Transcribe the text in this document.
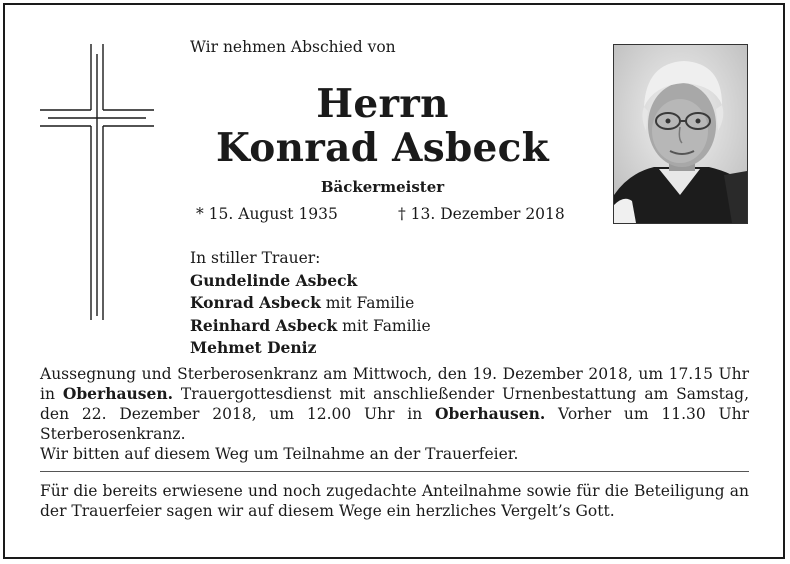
Wir nehmen Abschied von
Herrn
Konrad Asbeck
Bäckermeister
* 15. August 1935	† 13. Dezember 2018
In stiller Trauer:
Gundelinde Asbeck
Konrad Asbeck mit Familie
Reinhard Asbeck mit Familie
Mehmet Deniz

Aussegnung und Sterberosenkranz am Mittwoch, den 19. Dezember 2018, um 17.15 Uhr in Oberhausen. Trauergottesdienst mit anschließender Urnenbestattung am Samstag, den 22. Dezember 2018, um 12.00 Uhr in Oberhausen. Vorher um 11.30 Uhr Sterberosenkranz.

Wir bitten auf diesem Weg um Teilnahme an der Trauerfeier.

Für die bereits erwiesene und noch zugedachte Anteilnahme sowie für die Beteiligung an der Trauerfeier sagen wir auf diesem Wege ein herzliches Vergelt’s Gott.
